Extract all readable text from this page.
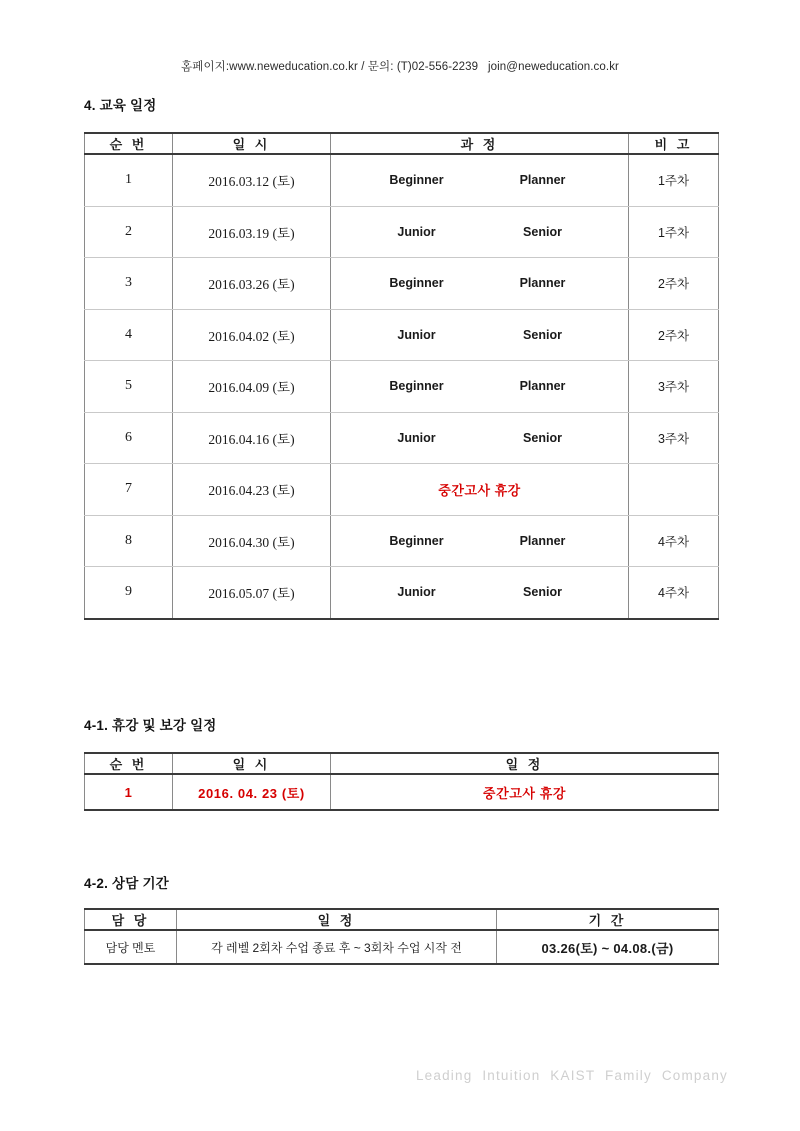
홈페이지:www.neweducation.co.kr / 문의: (T)02-556-2239   join@neweducation.co.kr
4. 교육 일정
순 번	일 시	과 정	비 고
1	2016.03.12 (토)	Beginner Planner	1주차
2	2016.03.19 (토)	Junior Senior	1주차
3	2016.03.26 (토)	Beginner Planner	2주차
4	2016.04.02 (토)	Junior Senior	2주차
5	2016.04.09 (토)	Beginner Planner	3주차
6	2016.04.16 (토)	Junior Senior	3주차
7	2016.04.23 (토)	중간고사 휴강	

8	2016.04.30 (토)	Beginner Planner	4주차
9	2016.05.07 (토)	Junior Senior	4주차
4-1. 휴강 및 보강 일정
순 번	일 시	일 정
1	2016. 04. 23 (토)	중간고사 휴강
4-2. 상담 기간
담 당	일 정	기 간
담당 멘토	각 레벨 2회차 수업 종료 후 ~ 3회차 수업 시작 전	03.26(토) ~ 04.08.(금)
Leading  Intuition  KAIST  Family  Company
